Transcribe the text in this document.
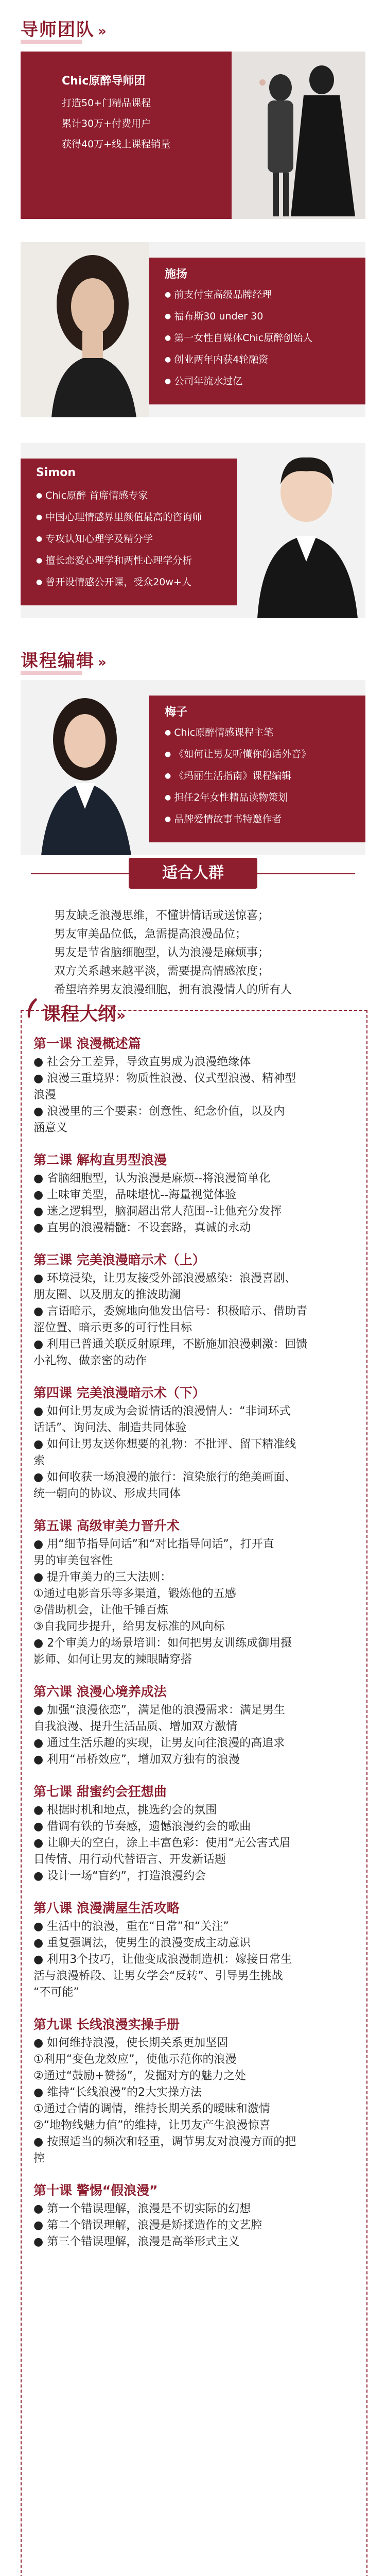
导师团队 »
Chic原醉导师团
打造50+门精品课程
累计30万+付费用户
获得40万+线上课程销量
施扬
● 前支付宝高级品牌经理
● 福布斯30 under 30
● 第一女性自媒体Chic原醉创始人
● 创业两年内获4轮融资
● 公司年流水过亿
Simon
● Chic原醉 首席情感专家
● 中国心理情感界里颜值最高的咨询师
● 专攻认知心理学及精分学
● 擅长恋爱心理学和两性心理学分析
● 曾开设情感公开课，受众20w+人
课程编辑 »
梅子
● Chic原醉情感课程主笔
● 《如何让男友听懂你的话外音》
● 《玛丽生活指南》课程编辑
● 担任2年女性精品读物策划
● 品牌爱情故事书特邀作者
适合人群
男友缺乏浪漫思维，不懂讲情话或送惊喜；
男友审美品位低，急需提高浪漫品位；
男友是节省脑细胞型，认为浪漫是麻烦事；
双方关系越来越平淡，需要提高情感浓度；
希望培养男友浪漫细胞，拥有浪漫情人的所有人
课程大纲»
第一课 浪漫概述篇
● 社会分工差异，导致直男成为浪漫绝缘体
● 浪漫三重境界：物质性浪漫、仪式型浪漫、精神型
浪漫
● 浪漫里的三个要素：创意性、纪念价值，以及内
涵意义
第二课 解构直男型浪漫
● 省脑细胞型，认为浪漫是麻烦--将浪漫简单化
● 土味审美型，品味堪忧--海量视觉体验
● 迷之逻辑型，脑洞超出常人范围--让他充分发挥
● 直男的浪漫精髓：不设套路，真诚的永动
第三课 完美浪漫暗示术（上）
● 环境浸染，让男友接受外部浪漫感染：浪漫喜剧、
朋友圈、以及朋友的推波助澜
● 言语暗示，委婉地向他发出信号：积极暗示、借助青
涩位置、暗示更多的可行性目标
● 利用已普通关联反射原理，不断施加浪漫刺激：回馈
小礼物、做亲密的动作
第四课 完美浪漫暗示术（下）
● 如何让男友成为会说情话的浪漫情人：“非词环式
话话”、询问法、制造共同体验
● 如何让男友送你想要的礼物：不批评、留下精准线
索
● 如何收获一场浪漫的旅行：渲染旅行的绝美画面、
统一朝向的协议、形成共同体
第五课 高级审美力晋升术
● 用“细节指导问话”和“对比指导问话”，打开直
男的审美包容性
● 提升审美力的三大法则：
①通过电影音乐等多渠道，锻炼他的五感
②借助机会，让他千锤百炼
③自我同步提升，给男友标准的风向标
● 2个审美力的场景培训：如何把男友训练成御用摄
影师、如何让男友的辣眼睛穿搭
第六课 浪漫心境养成法
● 加强“浪漫依恋”，满足他的浪漫需求：满足男生
自我浪漫、提升生活品质、增加双方激情
● 通过生活乐趣的实现，让男友向往浪漫的高追求
● 利用“吊桥效应”，增加双方独有的浪漫
第七课 甜蜜约会狂想曲
● 根据时机和地点，挑选约会的氛围
● 借调有铁的节奏感，遗憾浪漫约会的歌曲
● 让聊天的空白，涂上丰富色彩：使用“无公害式眉
目传情、用行动代替语言、开发新话题
● 设计一场“盲约”，打造浪漫约会
第八课 浪漫满屋生活攻略
● 生活中的浪漫，重在“日常”和“关注”
● 重复强调法，使男生的浪漫变成主动意识
● 利用3个技巧，让他变成浪漫制造机：嫁接日常生
活与浪漫桥段、让男女学会“反转”、引导男生挑战
“不可能”
第九课 长线浪漫实操手册
● 如何维持浪漫，使长期关系更加坚固
①利用“变色龙效应”，使他示范你的浪漫
②通过“鼓励+赞扬”，发掘对方的魅力之处
● 维持“长线浪漫”的2大实操方法
①通过合情的调情，维持长期关系的暧昧和激情
②“地物线魅力值”的维持，让男友产生浪漫惊喜
● 按照适当的频次和轻重，调节男友对浪漫方面的把
控
第十课 警惕“假浪漫”
● 第一个错误理解，浪漫是不切实际的幻想
● 第二个错误理解，浪漫是矫揉造作的文艺腔
● 第三个错误理解，浪漫是高举形式主义
